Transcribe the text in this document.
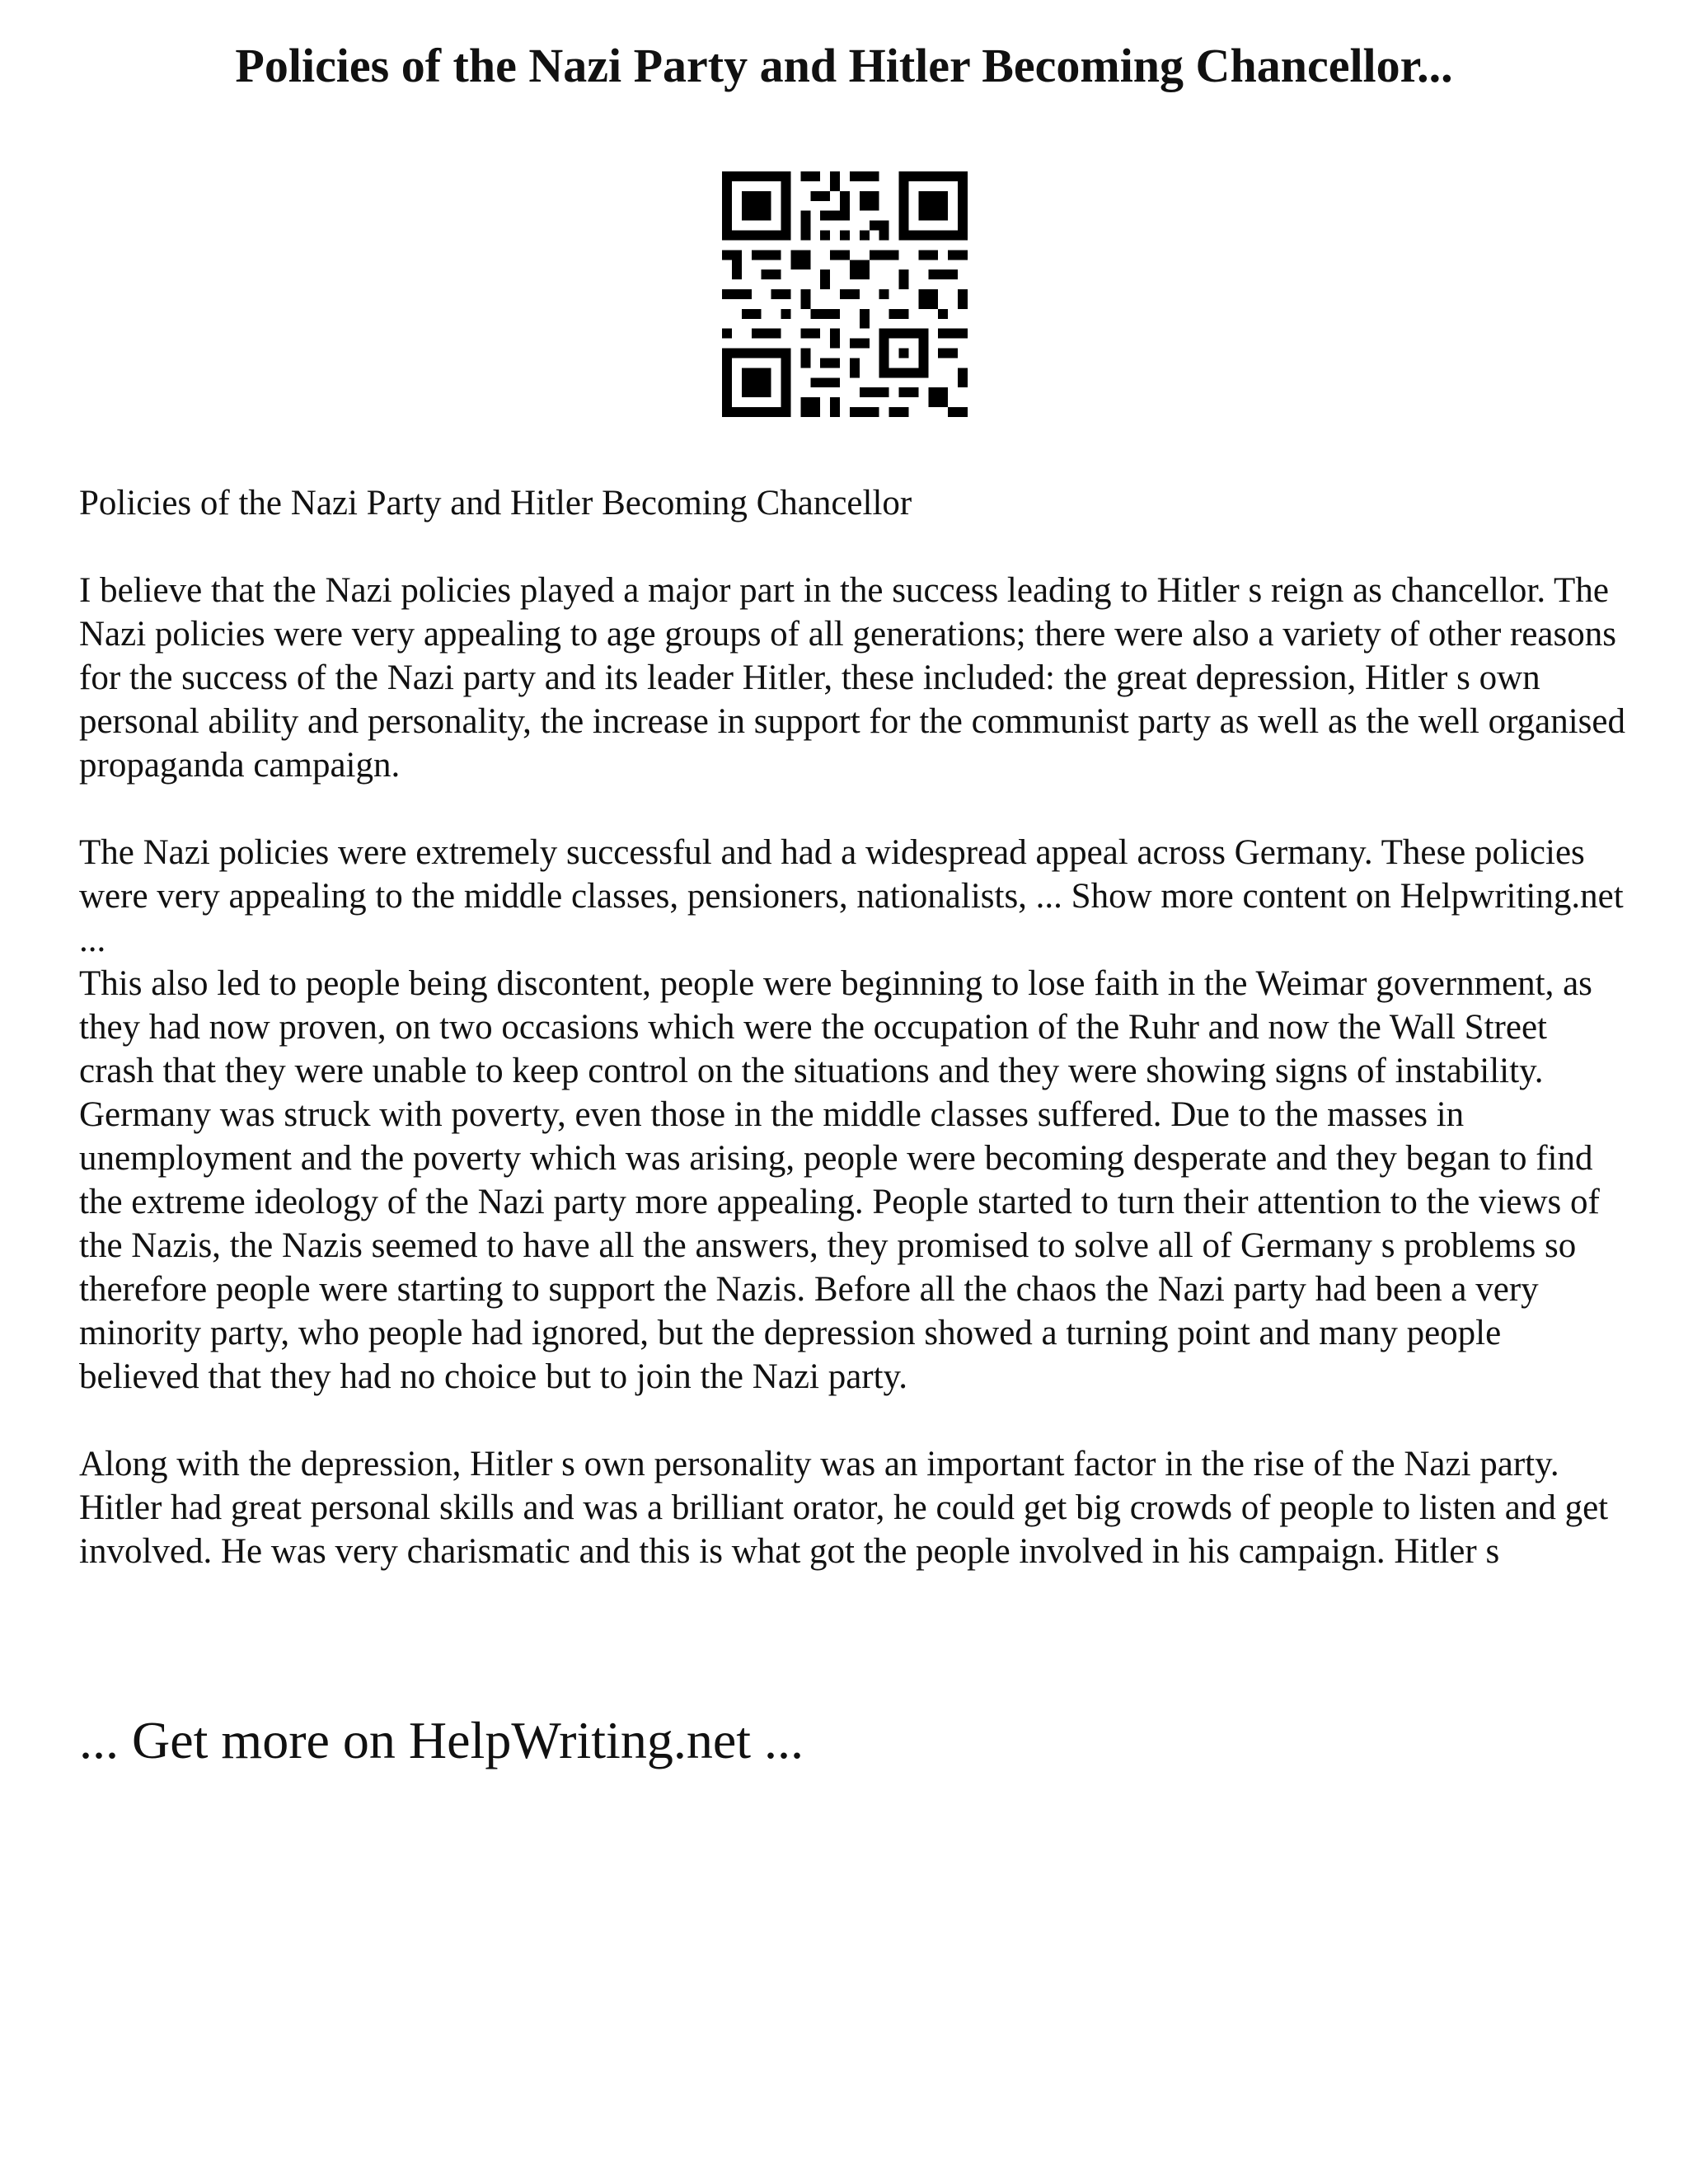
Policies of the Nazi Party and Hitler Becoming Chancellor...

Policies of the Nazi Party and Hitler Becoming Chancellor

I believe that the Nazi policies played a major part in the success leading to Hitler s reign as chancellor. The Nazi policies were very appealing to age groups of all generations; there were also a variety of other reasons for the success of the Nazi party and its leader Hitler, these included: the great depression, Hitler s own personal ability and personality, the increase in support for the communist party as well as the well organised propaganda campaign.

The Nazi policies were extremely successful and had a widespread appeal across Germany. These policies were very appealing to the middle classes, pensioners, nationalists, ... Show more content on Helpwriting.net ...

This also led to people being discontent, people were beginning to lose faith in the Weimar government, as they had now proven, on two occasions which were the occupation of the Ruhr and now the Wall Street crash that they were unable to keep control on the situations and they were showing signs of instability. Germany was struck with poverty, even those in the middle classes suffered. Due to the masses in unemployment and the poverty which was arising, people were becoming desperate and they began to find the extreme ideology of the Nazi party more appealing. People started to turn their attention to the views of the Nazis, the Nazis seemed to have all the answers, they promised to solve all of Germany s problems so therefore people were starting to support the Nazis. Before all the chaos the Nazi party had been a very minority party, who people had ignored, but the depression showed a turning point and many people believed that they had no choice but to join the Nazi party.

Along with the depression, Hitler s own personality was an important factor in the rise of the Nazi party. Hitler had great personal skills and was a brilliant orator, he could get big crowds of people to listen and get involved. He was very charismatic and this is what got the people involved in his campaign. Hitler s

... Get more on HelpWriting.net ...
